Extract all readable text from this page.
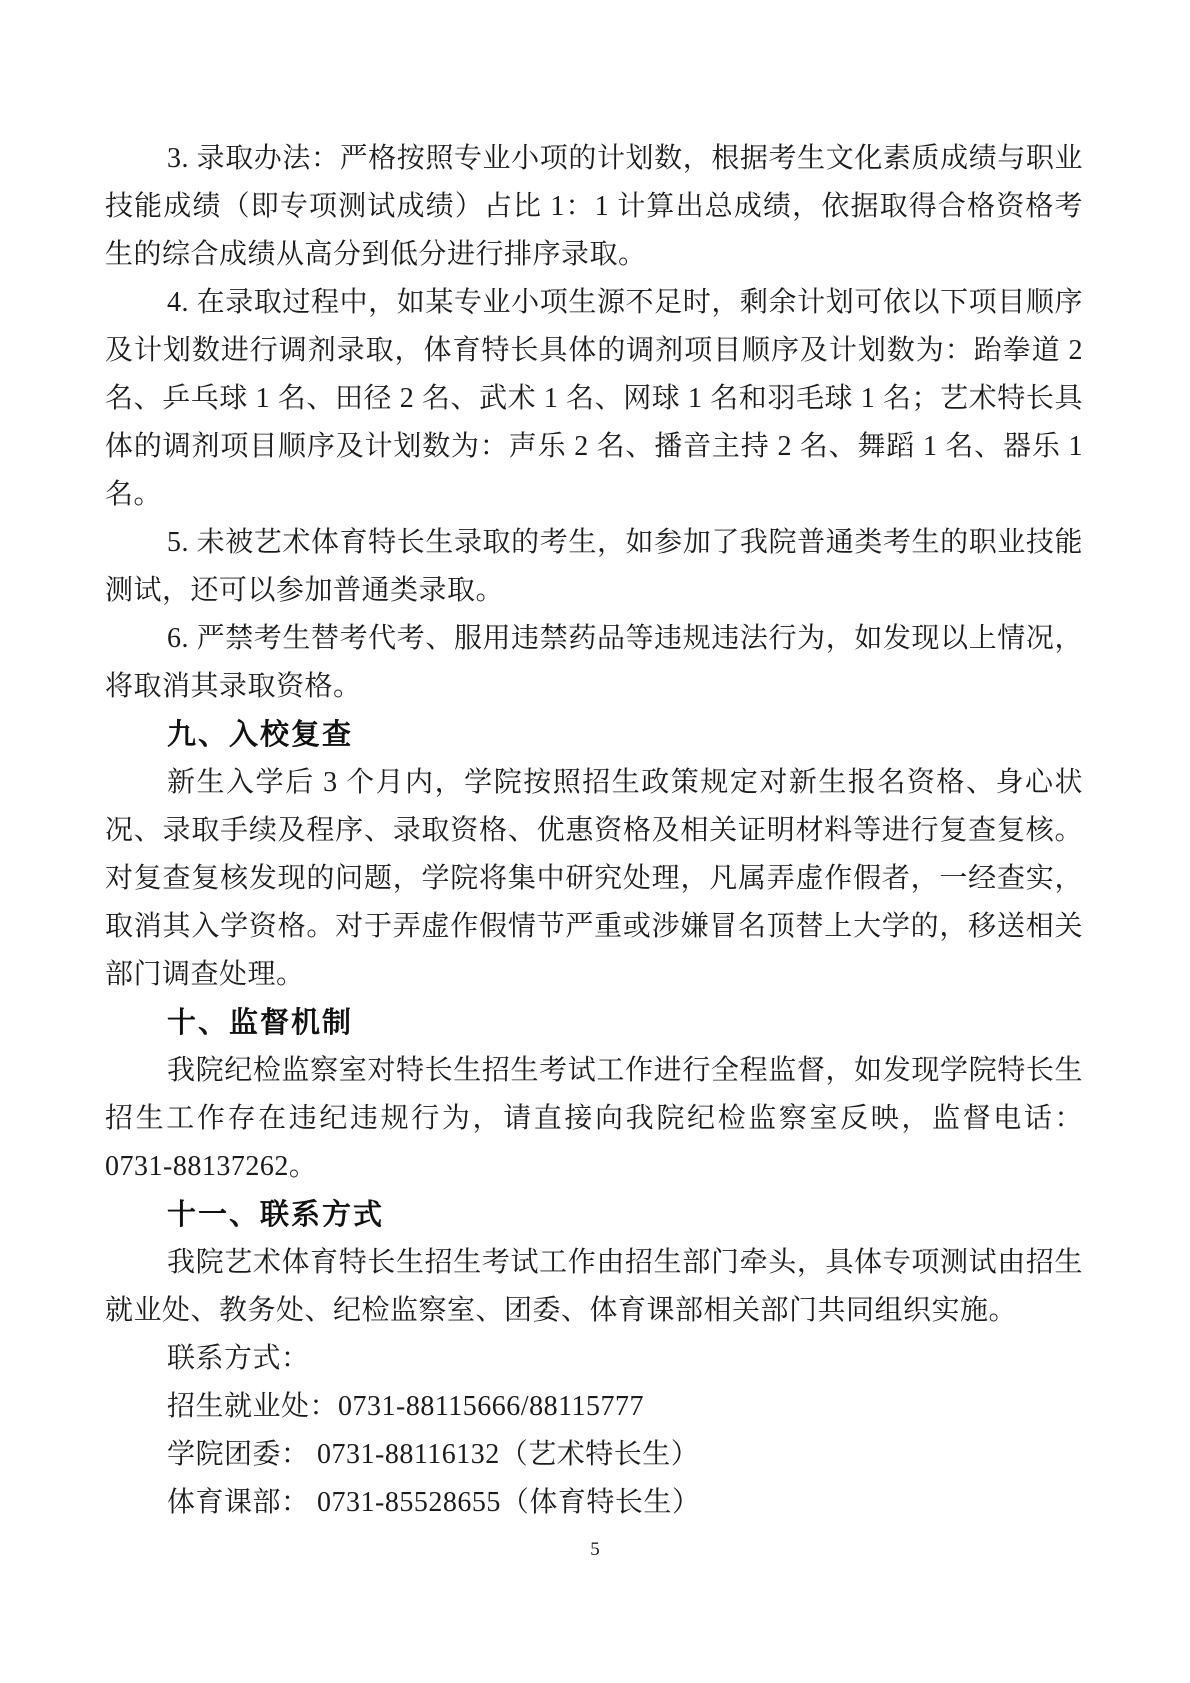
3. 录取办法：严格按照专业小项的计划数，根据考生文化素质成绩与职业技能成绩（即专项测试成绩）占比 1：1 计算出总成绩，依据取得合格资格考生的综合成绩从高分到低分进行排序录取。

4. 在录取过程中，如某专业小项生源不足时，剩余计划可依以下项目顺序及计划数进行调剂录取，体育特长具体的调剂项目顺序及计划数为：跆拳道 2 名、乒乓球 1 名、田径 2 名、武术 1 名、网球 1 名和羽毛球 1 名；艺术特长具体的调剂项目顺序及计划数为：声乐 2 名、播音主持 2 名、舞蹈 1 名、器乐 1 名。

5. 未被艺术体育特长生录取的考生，如参加了我院普通类考生的职业技能测试，还可以参加普通类录取。

6. 严禁考生替考代考、服用违禁药品等违规违法行为，如发现以上情况，将取消其录取资格。

九、入校复查

新生入学后 3 个月内，学院按照招生政策规定对新生报名资格、身心状况、录取手续及程序、录取资格、优惠资格及相关证明材料等进行复查复核。对复查复核发现的问题，学院将集中研究处理，凡属弄虚作假者，一经查实，取消其入学资格。对于弄虚作假情节严重或涉嫌冒名顶替上大学的，移送相关部门调查处理。

十、监督机制

我院纪检监察室对特长生招生考试工作进行全程监督，如发现学院特长生招生工作存在违纪违规行为，请直接向我院纪检监察室反映，监督电话：0731-88137262。

十一、联系方式

我院艺术体育特长生招生考试工作由招生部门牵头，具体专项测试由招生就业处、教务处、纪检监察室、团委、体育课部相关部门共同组织实施。

联系方式：

招生就业处：0731-88115666/88115777

学院团委： 0731-88116132（艺术特长生）

体育课部： 0731-85528655（体育特长生）

5
